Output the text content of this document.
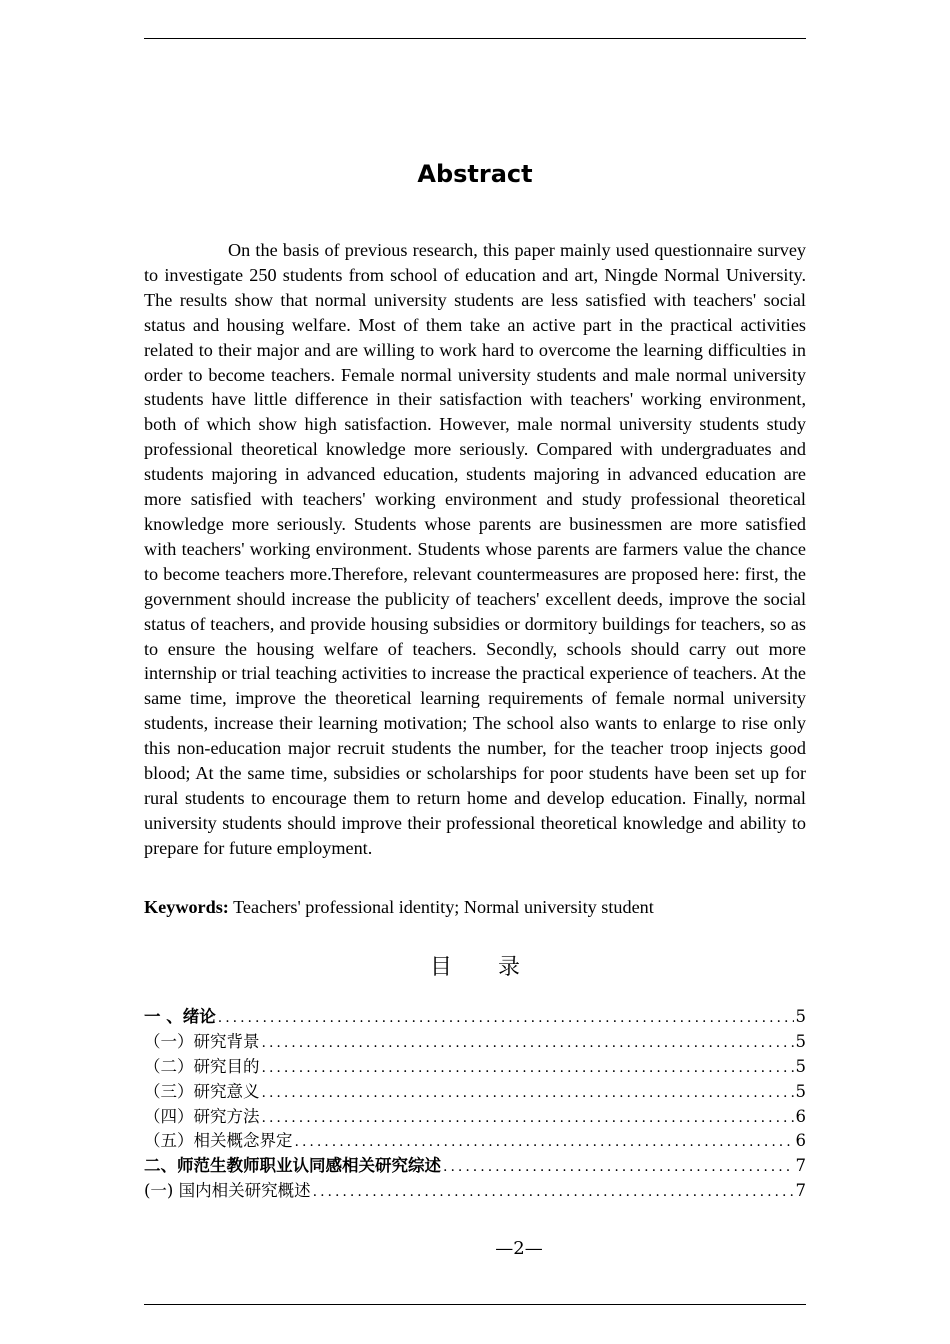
Abstract

On the basis of previous research, this paper mainly used questionnaire survey to investigate 250 students from school of education and art, Ningde Normal University. The results show that normal university students are less satisfied with teachers' social status and housing welfare. Most of them take an active part in the practical activities related to their major and are willing to work hard to overcome the learning difficulties in order to become teachers. Female normal university students and male normal university students have little difference in their satisfaction with teachers' working environment, both of which show high satisfaction. However, male normal university students study professional theoretical knowledge more seriously. Compared with undergraduates and students majoring in advanced education, students majoring in advanced education are more satisfied with teachers' working environment and study professional theoretical knowledge more seriously. Students whose parents are businessmen are more satisfied with teachers' working environment. Students whose parents are farmers value the chance to become teachers more.Therefore, relevant countermeasures are proposed here: first, the government should increase the publicity of teachers' excellent deeds, improve the social status of teachers, and provide housing subsidies or dormitory buildings for teachers, so as to ensure the housing welfare of teachers. Secondly, schools should carry out more internship or trial teaching activities to increase the practical experience of teachers. At the same time, improve the theoretical learning requirements of female normal university students, increase their learning motivation; The school also wants to enlarge to rise only this non-education major recruit students the number, for the teacher troop injects good blood; At the same time, subsidies or scholarships for poor students have been set up for rural students to encourage them to return home and develop education. Finally, normal university students should improve their professional theoretical knowledge and ability to prepare for future employment.

Keywords: Teachers' professional identity; Normal university student

目 录
一 、绪论 .....	5
（一）研究背景 .....	5
（二）研究目的 .....	5
（三）研究意义 .....	5
（四）研究方法 .....	6
（五）相关概念界定 .....	6
二、师范生教师职业认同感相关研究综述 .....	7
(一) 国内相关研究概述 .....	7
—2—
